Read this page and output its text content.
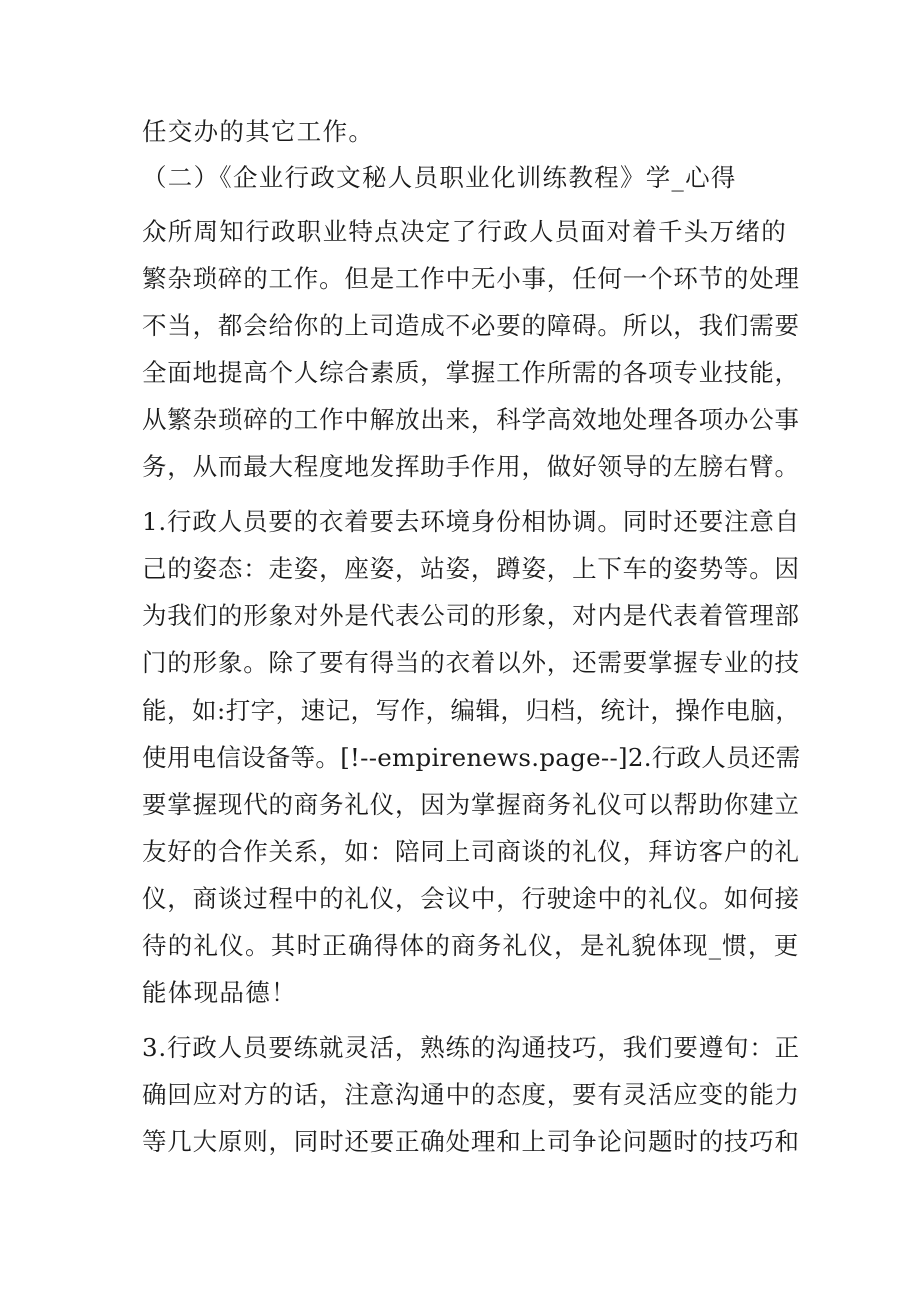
任交办的其它工作。
（二）《企业行政文秘人员职业化训练教程》学_心得
众所周知行政职业特点决定了行政人员面对着千头万绪的
繁杂琐碎的工作。但是工作中无小事，任何一个环节的处理
不当，都会给你的上司造成不必要的障碍。所以，我们需要
全面地提高个人综合素质，掌握工作所需的各项专业技能，
从繁杂琐碎的工作中解放出来，科学高效地处理各项办公事
务，从而最大程度地发挥助手作用，做好领导的左膀右臂。
1.行政人员要的衣着要去环境身份相协调。同时还要注意自
己的姿态：走姿，座姿，站姿，蹲姿，上下车的姿势等。因
为我们的形象对外是代表公司的形象，对内是代表着管理部
门的形象。除了要有得当的衣着以外，还需要掌握专业的技
能，如:打字，速记，写作，编辑，归档，统计，操作电脑，
使用电信设备等。[!--empirenews.page--]2.行政人员还需
要掌握现代的商务礼仪，因为掌握商务礼仪可以帮助你建立
友好的合作关系，如：陪同上司商谈的礼仪，拜访客户的礼
仪，商谈过程中的礼仪，会议中，行驶途中的礼仪。如何接
待的礼仪。其时正确得体的商务礼仪，是礼貌体现_惯，更
能体现品德！
3.行政人员要练就灵活，熟练的沟通技巧，我们要遵旬：正
确回应对方的话，注意沟通中的态度，要有灵活应变的能力
等几大原则，同时还要正确处理和上司争论问题时的技巧和
